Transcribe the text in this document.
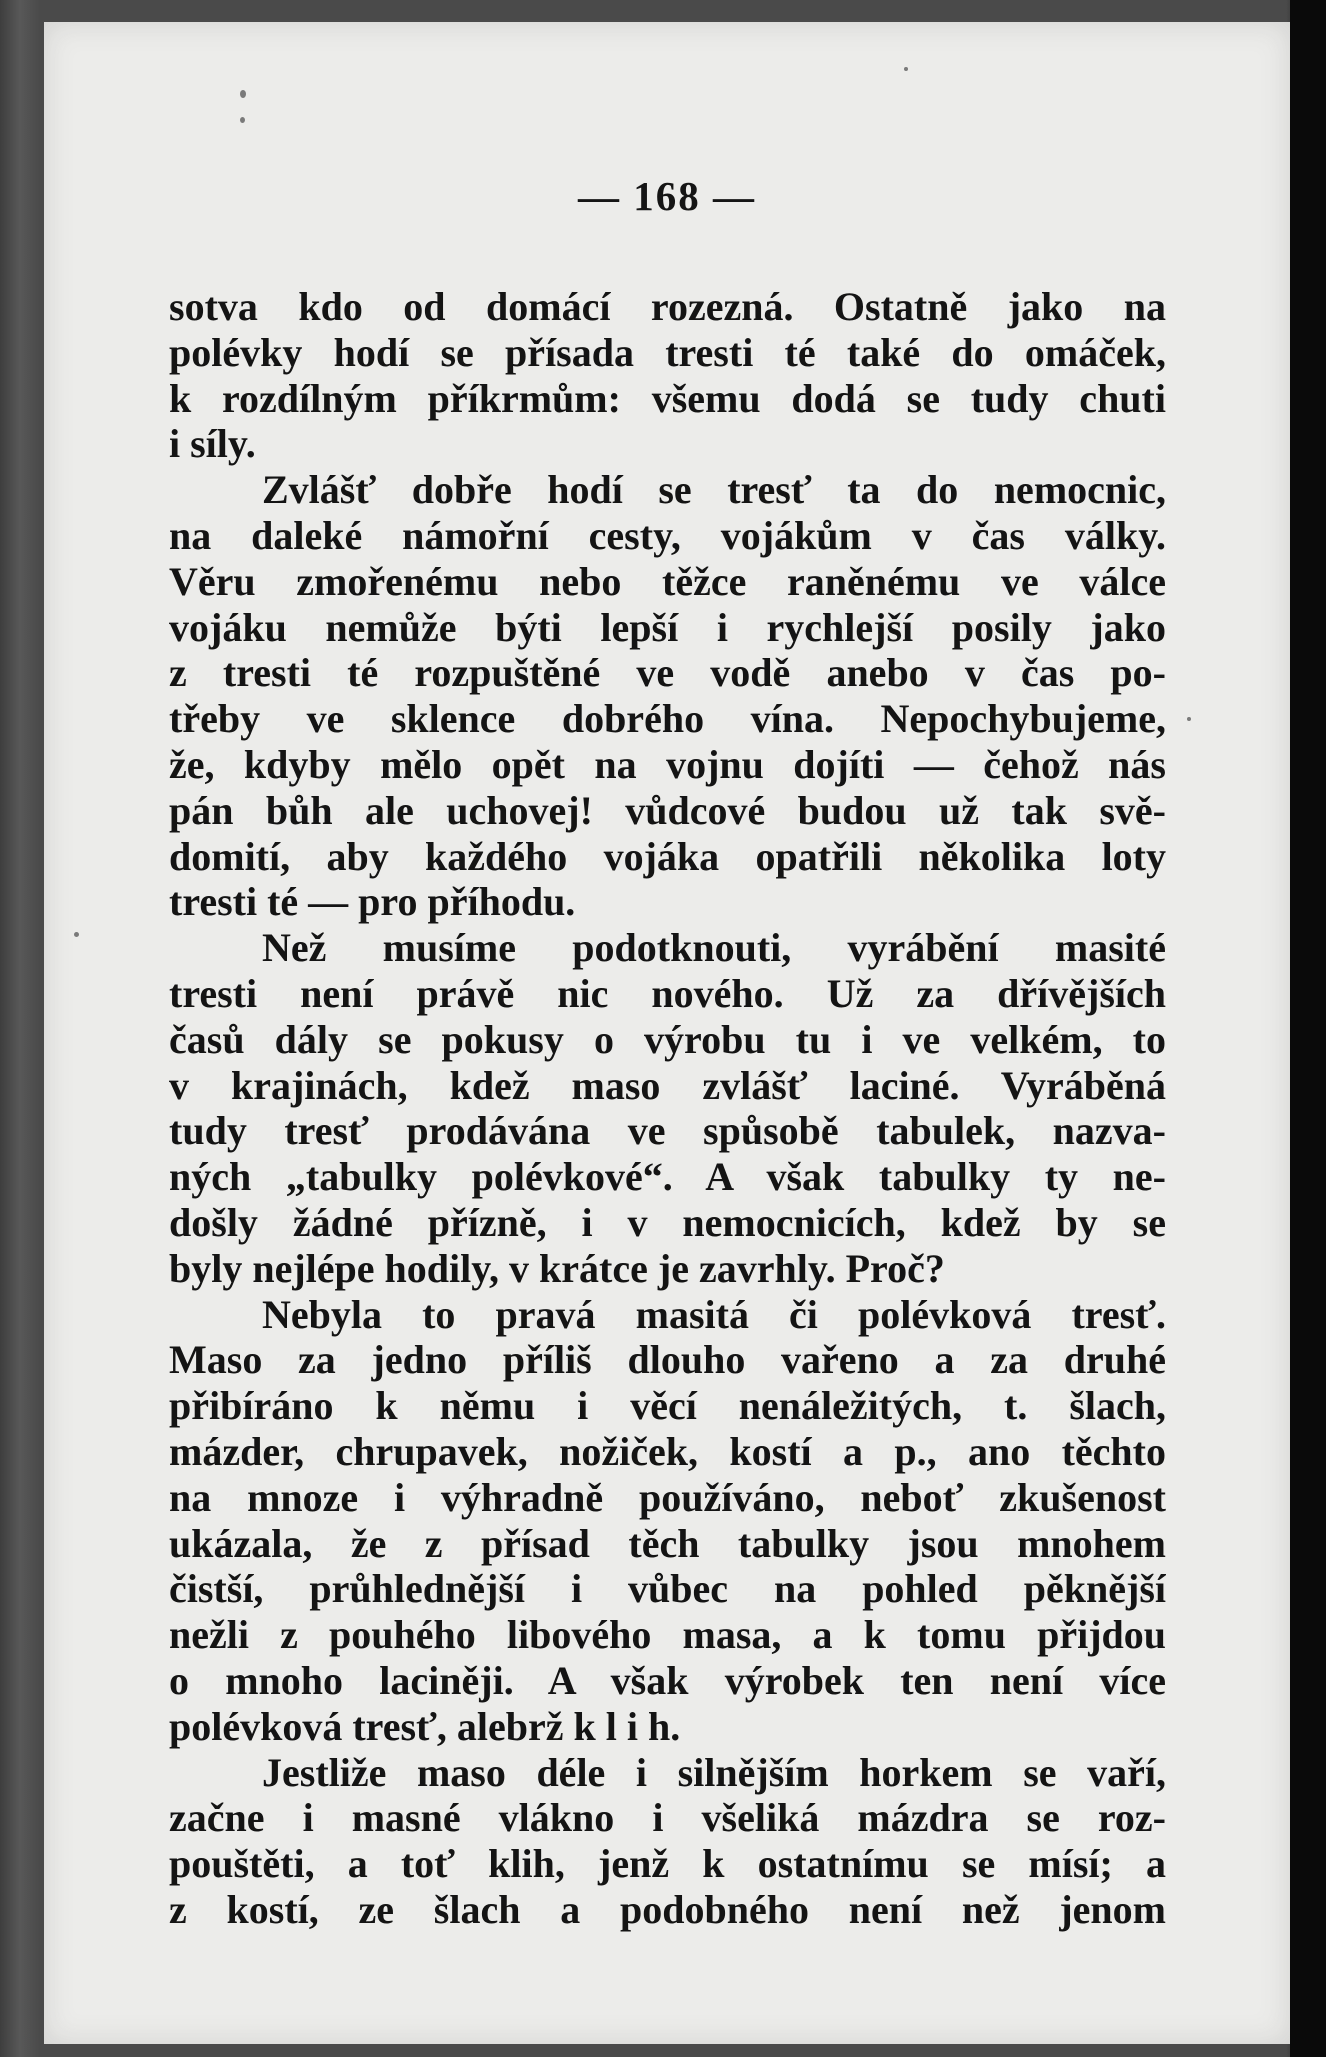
— 168 —
sotva kdo od domácí rozezná. Ostatně jako na
polévky hodí se přísada tresti té také do omáček,
k rozdílným příkrmům: všemu dodá se tudy chuti
i síly.
Zvlášť dobře hodí se tresť ta do nemocnic,
na daleké námořní cesty, vojákům v čas války.
Věru zmořenému nebo těžce raněnému ve válce
vojáku nemůže býti lepší i rychlejší posily jako
z tresti té rozpuštěné ve vodě anebo v čas po-
třeby ve sklence dobrého vína. Nepochybujeme,
že, kdyby mělo opět na vojnu dojíti — čehož nás
pán bůh ale uchovej! vůdcové budou už tak svě-
domití, aby každého vojáka opatřili několika loty
tresti té — pro příhodu.
Než musíme podotknouti, vyrábění masité
tresti není právě nic nového. Už za dřívějších
časů dály se pokusy o výrobu tu i ve velkém, to
v krajinách, kdež maso zvlášť laciné. Vyráběná
tudy tresť prodávána ve spůsobě tabulek, nazva-
ných „tabulky polévkové“. A však tabulky ty ne-
došly žádné přízně, i v nemocnicích, kdež by se
byly nejlépe hodily, v krátce je zavrhly. Proč?
Nebyla to pravá masitá či polévková tresť.
Maso za jedno příliš dlouho vařeno a za druhé
přibíráno k němu i věcí nenáležitých, t. šlach,
mázder, chrupavek, nožiček, kostí a p., ano těchto
na mnoze i výhradně používáno, neboť zkušenost
ukázala, že z přísad těch tabulky jsou mnohem
čistší, průhlednější i vůbec na pohled pěknější
nežli z pouhého libového masa, a k tomu přijdou
o mnoho laciněji. A však výrobek ten není více
polévková tresť, alebrž k l i h.
Jestliže maso déle i silnějším horkem se vaří,
začne i masné vlákno i všeliká mázdra se roz-
pouštěti, a toť klih, jenž k ostatnímu se mísí; a
z kostí, ze šlach a podobného není než jenom
